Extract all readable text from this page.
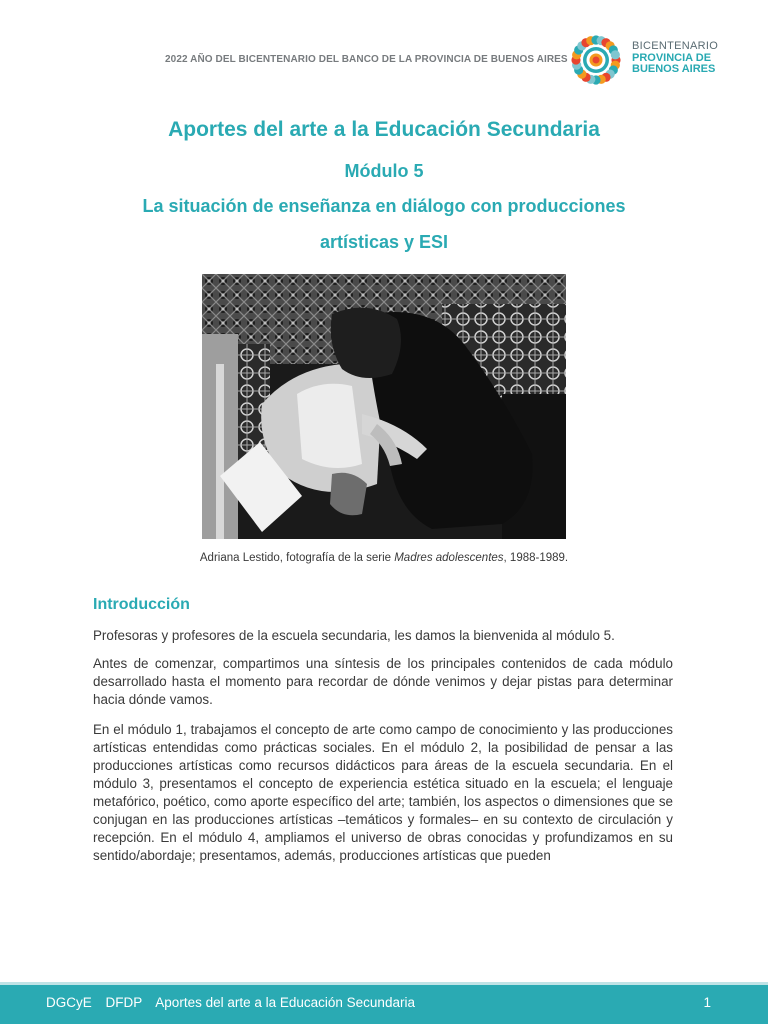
2022 AÑO DEL BICENTENARIO DEL BANCO DE LA PROVINCIA DE BUENOS AIRES
BICENTENARIO
PROVINCIA DE
BUENOS AIRES
Aportes del arte a la Educación Secundaria
Módulo 5
La situación de enseñanza en diálogo con producciones
artísticas y ESI
Adriana Lestido, fotografía de la serie Madres adolescentes, 1988-1989.
Introducción

Profesoras y profesores de la escuela secundaria, les damos la bienvenida al módulo 5.

Antes de comenzar, compartimos una síntesis de los principales contenidos de cada módulo desarrollado hasta el momento para recordar de dónde venimos y dejar pistas para determinar hacia dónde vamos.

En el módulo 1, trabajamos el concepto de arte como campo de conocimiento y las producciones artísticas entendidas como prácticas sociales. En el módulo 2, la posibilidad de pensar a las producciones artísticas como recursos didácticos para áreas de la escuela secundaria. En el módulo 3, presentamos el concepto de experiencia estética situado en la escuela; el lenguaje metafórico, poético, como aporte específico del arte; también, los aspectos o dimensiones que se conjugan en las producciones artísticas –temáticos y formales– en su contexto de circulación y recepción. En el módulo 4, ampliamos el universo de obras conocidas y profundizamos en su sentido/abordaje; presentamos, además, producciones artísticas que pueden

DGCyE DFDP Aportes del arte a la Educación Secundaria	1
